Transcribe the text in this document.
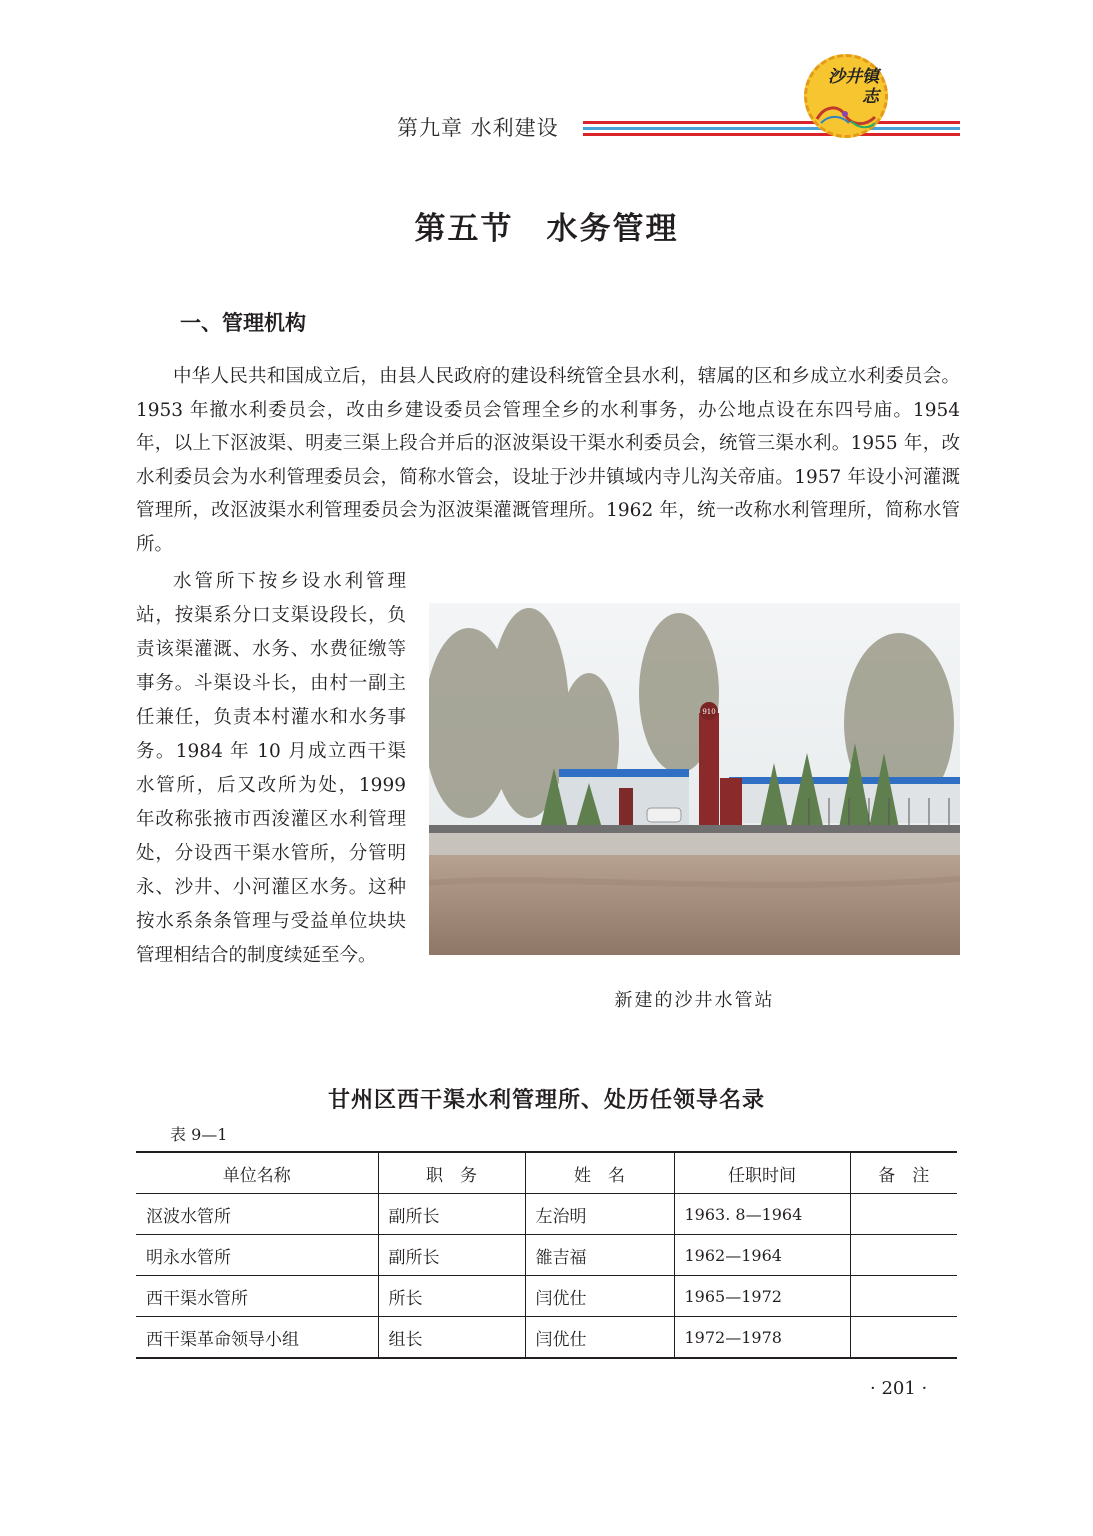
第九章 水利建设
沙井镇志
第五节　水务管理
一、管理机构

中华人民共和国成立后，由县人民政府的建设科统管全县水利，辖属的区和乡成立水利委员会。1953 年撤水利委员会，改由乡建设委员会管理全乡的水利事务，办公地点设在东四号庙。1954 年，以上下沤波渠、明麦三渠上段合并后的沤波渠设干渠水利委员会，统管三渠水利。1955 年，改水利委员会为水利管理委员会，简称水管会，设址于沙井镇域内寺儿沟关帝庙。1957 年设小河灌溉管理所，改沤波渠水利管理委员会为沤波渠灌溉管理所。1962 年，统一改称水利管理所，简称水管所。

水管所下按乡设水利管理站，按渠系分口支渠设段长，负责该渠灌溉、水务、水费征缴等事务。斗渠设斗长，由村一副主任兼任，负责本村灌水和水务事务。1984 年 10 月成立西干渠水管所，后又改所为处，1999 年改称张掖市西浚灌区水利管理处，分设西干渠水管所，分管明永、沙井、小河灌区水务。这种按水系条条管理与受益单位块块管理相结合的制度续延至今。

910
新建的沙井水管站
甘州区西干渠水利管理所、处历任领导名录
表 9—1
单位名称	职　务	姓　名	任职时间	备　注
沤波水管所	副所长	左治明	1963. 8—1964	
明永水管所	副所长	雒吉福	1962—1964	
西干渠水管所	所长	闫优仕	1965—1972	
西干渠革命领导小组	组长	闫优仕	1972—1978	
· 201 ·
